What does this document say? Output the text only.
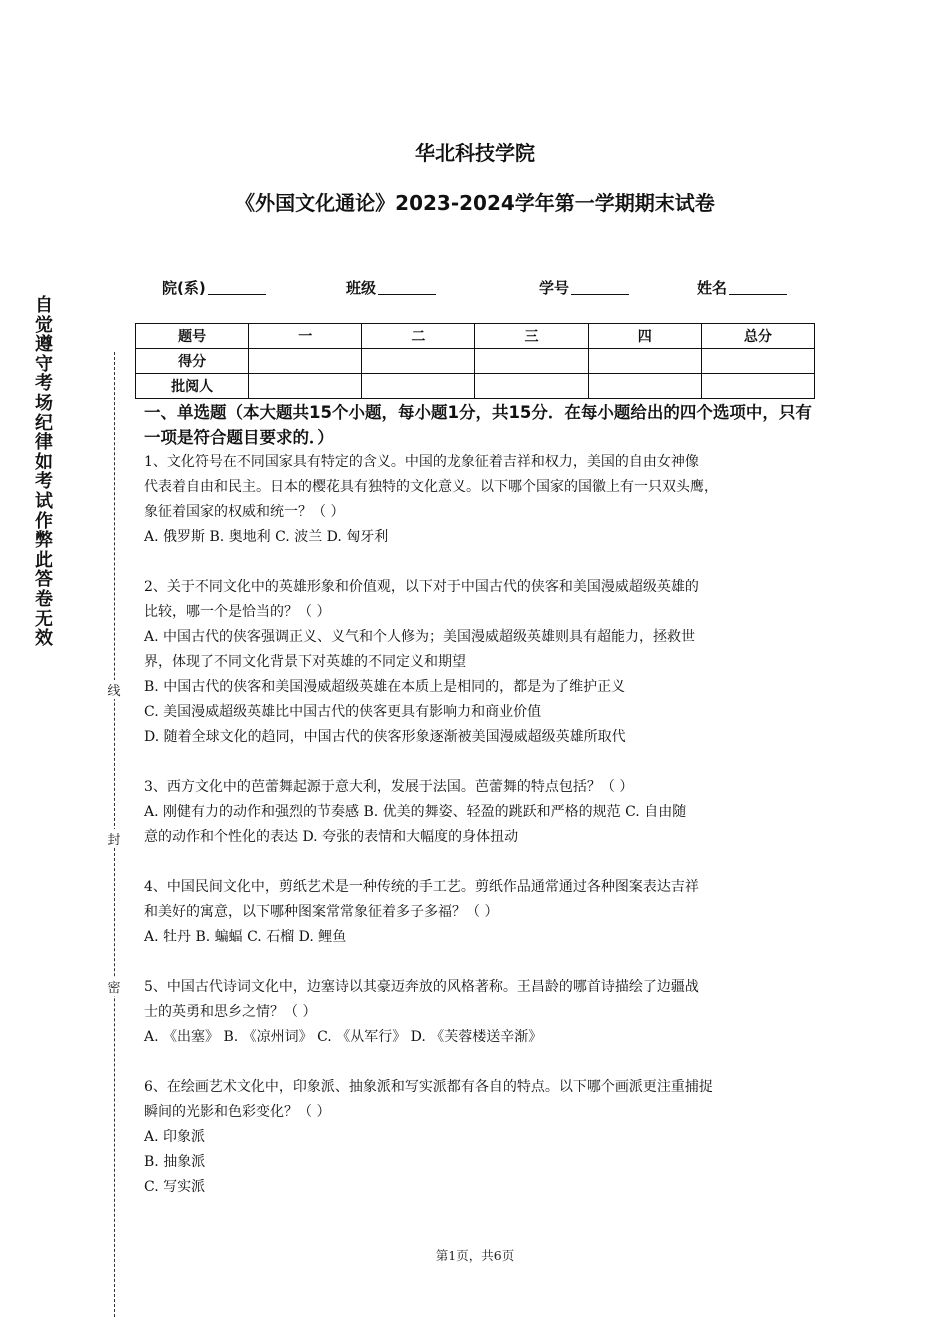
华北科技学院
《外国文化通论》2023-2024学年第一学期期末试卷
院(系)	班级	学号	姓名
题号	一	二	三	四	总分
得分					
批阅人					
自觉遵守考场纪律如考试作弊此答卷无效
线
封
密

一、单选题（本大题共15个小题，每小题1分，共15分．在每小题给出的四个选项中，只有一项是符合题目要求的．）

1、文化符号在不同国家具有特定的含义。中国的龙象征着吉祥和权力，美国的自由女神像

代表着自由和民主。日本的樱花具有独特的文化意义。以下哪个国家的国徽上有一只双头鹰，

象征着国家的权威和统一？（ ）

A. 俄罗斯 B. 奥地利 C. 波兰 D. 匈牙利

2、关于不同文化中的英雄形象和价值观，以下对于中国古代的侠客和美国漫威超级英雄的

比较，哪一个是恰当的？（ ）

A. 中国古代的侠客强调正义、义气和个人修为；美国漫威超级英雄则具有超能力，拯救世

界，体现了不同文化背景下对英雄的不同定义和期望

B. 中国古代的侠客和美国漫威超级英雄在本质上是相同的，都是为了维护正义

C. 美国漫威超级英雄比中国古代的侠客更具有影响力和商业价值

D. 随着全球文化的趋同，中国古代的侠客形象逐渐被美国漫威超级英雄所取代

3、西方文化中的芭蕾舞起源于意大利，发展于法国。芭蕾舞的特点包括？（ ）

A. 刚健有力的动作和强烈的节奏感 B. 优美的舞姿、轻盈的跳跃和严格的规范 C. 自由随

意的动作和个性化的表达 D. 夸张的表情和大幅度的身体扭动

4、中国民间文化中，剪纸艺术是一种传统的手工艺。剪纸作品通常通过各种图案表达吉祥

和美好的寓意，以下哪种图案常常象征着多子多福？（ ）

A. 牡丹 B. 蝙蝠 C. 石榴 D. 鲤鱼

5、中国古代诗词文化中，边塞诗以其豪迈奔放的风格著称。王昌龄的哪首诗描绘了边疆战

士的英勇和思乡之情？（ ）

A. 《出塞》 B. 《凉州词》 C. 《从军行》 D. 《芙蓉楼送辛渐》

6、在绘画艺术文化中，印象派、抽象派和写实派都有各自的特点。以下哪个画派更注重捕捉

瞬间的光影和色彩变化？（ ）

A. 印象派

B. 抽象派

C. 写实派

第1页，共6页
